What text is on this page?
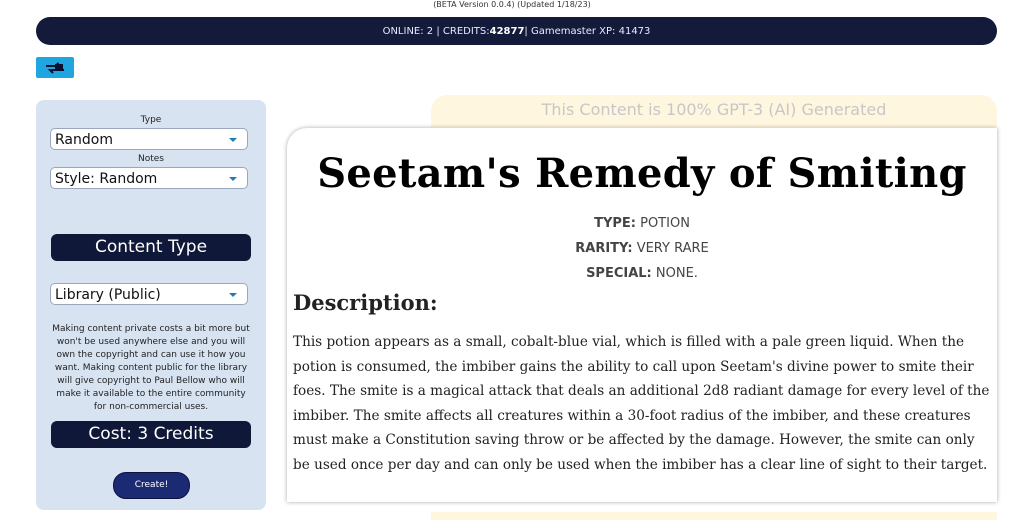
(BETA Version 0.0.4) (Updated 1/18/23)
ONLINE: 2 | CREDITS: 42877 | Gamemaster XP: 41473
Type
Random
Notes
Style: Random
Content Type
Library (Public)
Making content private costs a bit more but won't be used anywhere else and you will own the copyright and can use it how you want. Making content public for the library will give copyright to Paul Bellow who will make it available to the entire community for non-commercial uses.
Cost: 3 Credits
Create!
This Content is 100% GPT-3 (AI) Generated
Seetam's Remedy of Smiting
TYPE: POTION
RARITY: VERY RARE
SPECIAL: NONE.
Description:
This potion appears as a small, cobalt-blue vial, which is filled with a pale green liquid. When the potion is consumed, the imbiber gains the ability to call upon Seetam's divine power to smite their foes. The smite is a magical attack that deals an additional 2d8 radiant damage for every level of the imbiber. The smite affects all creatures within a 30-foot radius of the imbiber, and these creatures must make a Constitution saving throw or be affected by the damage. However, the smite can only be used once per day and can only be used when the imbiber has a clear line of sight to their target.
